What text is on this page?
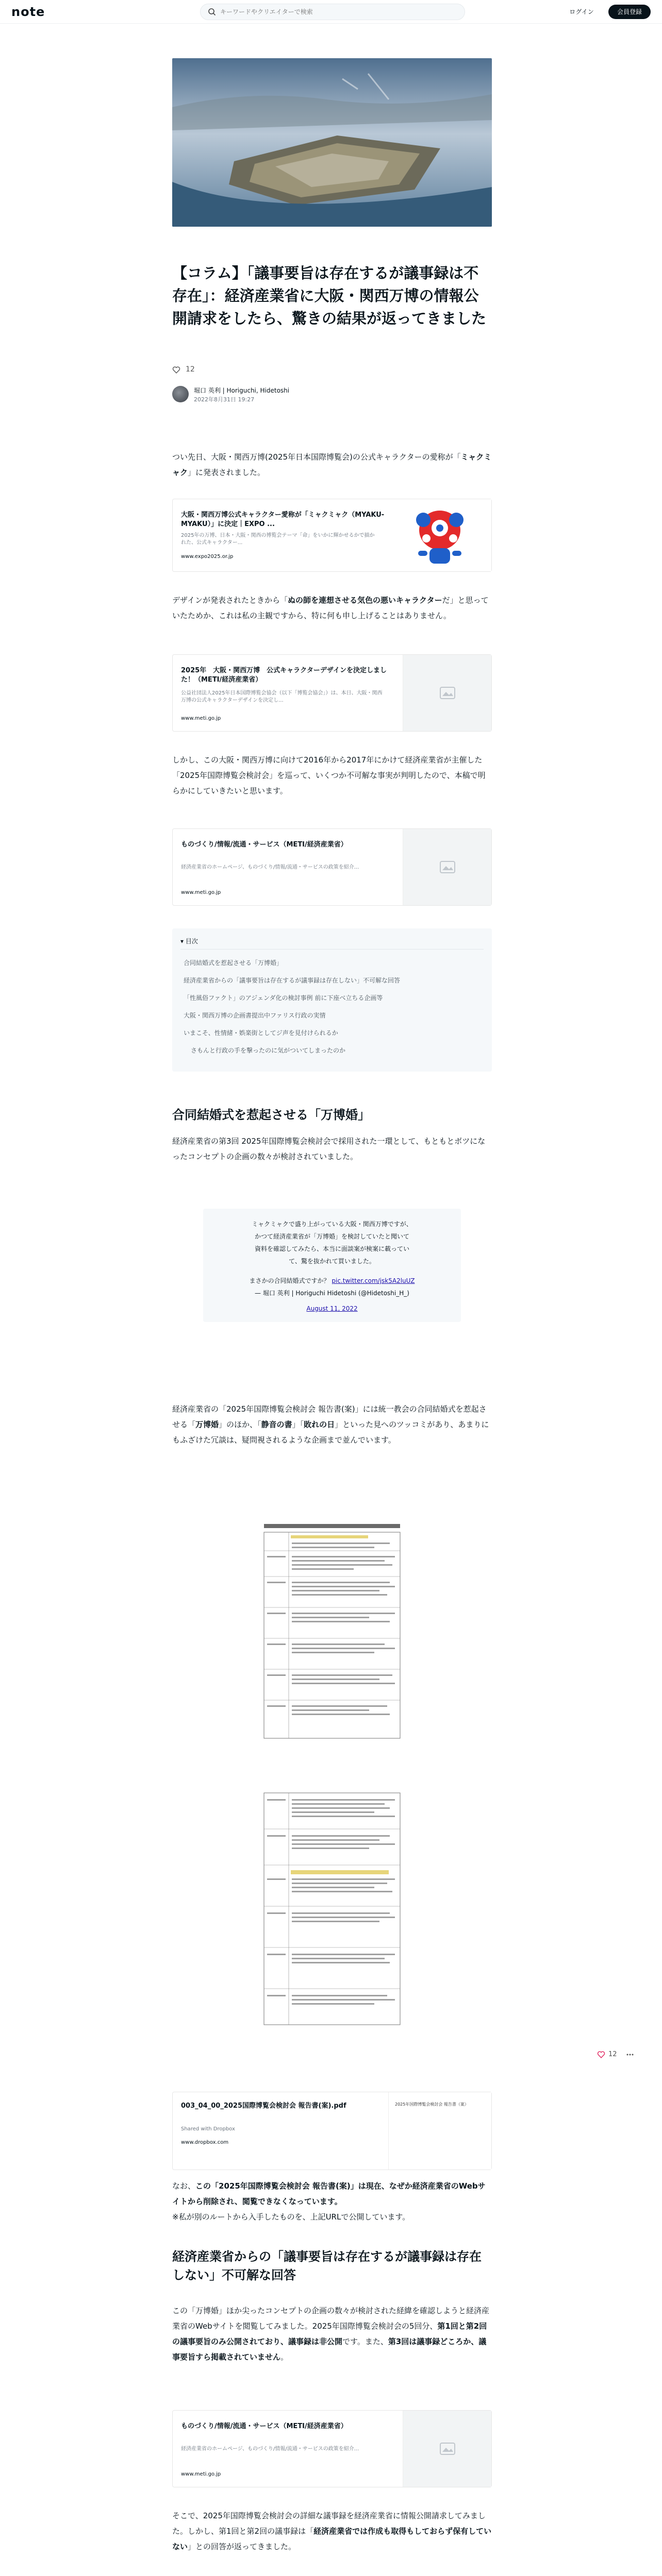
note
キーワードやクリエイターで検索	ログイン	会員登録
【コラム】「議事要旨は存在するが議事録は不存在」：経済産業省に大阪・関西万博の情報公開請求をしたら、驚きの結果が返ってきました
12
堀口 英利 | Horiguchi, Hidetoshi
2022年8月31日 19:27

つい先日、大阪・関西万博(2025年日本国際博覧会)の公式キャラクターの愛称が「ミャクミャク」に発表されました。

大阪・関西万博公式キャラクター愛称が「ミャクミャク（MYAKU-MYAKU）」に決定｜EXPO ...
2025年の万博、日本・大阪・関西の博覧会テーマ「命」をいかに輝かせるかで描かれた、公式キャラクター...
www.expo2025.or.jp

デザインが発表されたときから「ぬの師を連想させる気色の悪いキャラクターだ」と思っていたためか、これは私の主観ですから、特に何も申し上げることはありません。

2025年　大阪・関西万博　公式キャラクターデザインを決定しました！（METI/経済産業省）
公益社団法人2025年日本国際博覧会協会（以下「博覧会協会」）は、本日、大阪・関西万博の公式キャラクターデザインを決定し...
www.meti.go.jp

しかし、この大阪・関西万博に向けて2016年から2017年にかけて経済産業省が主催した「2025年国際博覧会検討会」を巡って、いくつか不可解な事実が判明したので、本稿で明らかにしていきたいと思います。

ものづくり/情報/流通・サービス（METI/経済産業省）
経済産業省のホームページ、ものづくり/情報/流通・サービスの政策を紹介...
www.meti.go.jp
▾ 目次
合同結婚式を惹起させる「万博婚」
経済産業省からの「議事要旨は存在するが議事録は存在しない」不可解な回答
「性風俗ファクト」のアジェンダ化の検討事例 前に下座べ立ちる企画等
大阪・関西万博の企画書提出中ファリス行政の実情
いまこそ、性情緒・娯楽街としてジ声を見付けられるか
さもんと行政の手を撃ったのに気がついてしまったのか
合同結婚式を惹起させる「万博婚」

経済産業省の第3回 2025年国際博覧会検討会で採用された一環として、もともとボツになったコンセプトの企画の数々が検討されていました。

ミャクミャクで盛り上がっている大阪・関西万博ですが、
かつて経済産業省が「万博婚」を検討していたと聞いて
資料を確認してみたら、本当に面談案が検案に載ってい
て、驚を抜かれて買いました。
まさかの合同結婚式ですか？ pic.twitter.com/jsk5A2luUZ
— 堀口 英利 | Horiguchi Hidetoshi (@Hidetoshi_H_)
August 11, 2022

経済産業省の「2025年国際博覧会検討会 報告書(案)」には統一教会の合同結婚式を惹起させる「万博婚」のほか、「静音の書」「敗れの日」といった見へのツッコミがあり、あまりにもふざけた冗談は、疑問視されるような企画まで並んでいます。

12
003_04_00_2025国際博覧会検討会 報告書(案).pdf
Shared with Dropbox
www.dropbox.com
2025年国際博覧会検討会 報告書（案）

なお、この「2025年国際博覧会検討会 報告書(案)」は現在、なぜか経済産業省のWebサイトから削除され、閲覧できなくなっています。
※私が別のルートから入手したものを、上記URLで公開しています。

経済産業省からの「議事要旨は存在するが議事録は存在しない」不可解な回答

この「万博婚」ほか尖ったコンセプトの企画の数々が検討された経緯を確認しようと経済産業省のWebサイトを閲覧してみました。2025年国際博覧会検討会の5回分、第1回と第2回の議事要旨のみ公開されており、議事録は非公開です。また、第3回は議事録どころか、議事要旨すら掲載されていません。

ものづくり/情報/流通・サービス（METI/経済産業省）
経済産業省のホームページ、ものづくり/情報/流通・サービスの政策を紹介...
www.meti.go.jp

そこで、2025年国際博覧会検討会の詳細な議事録を経済産業省に情報公開請求してみました。しかし、第1回と第2回の議事録は「経済産業省では作成も取得もしておらず保有していない」との回答が返ってきました。
